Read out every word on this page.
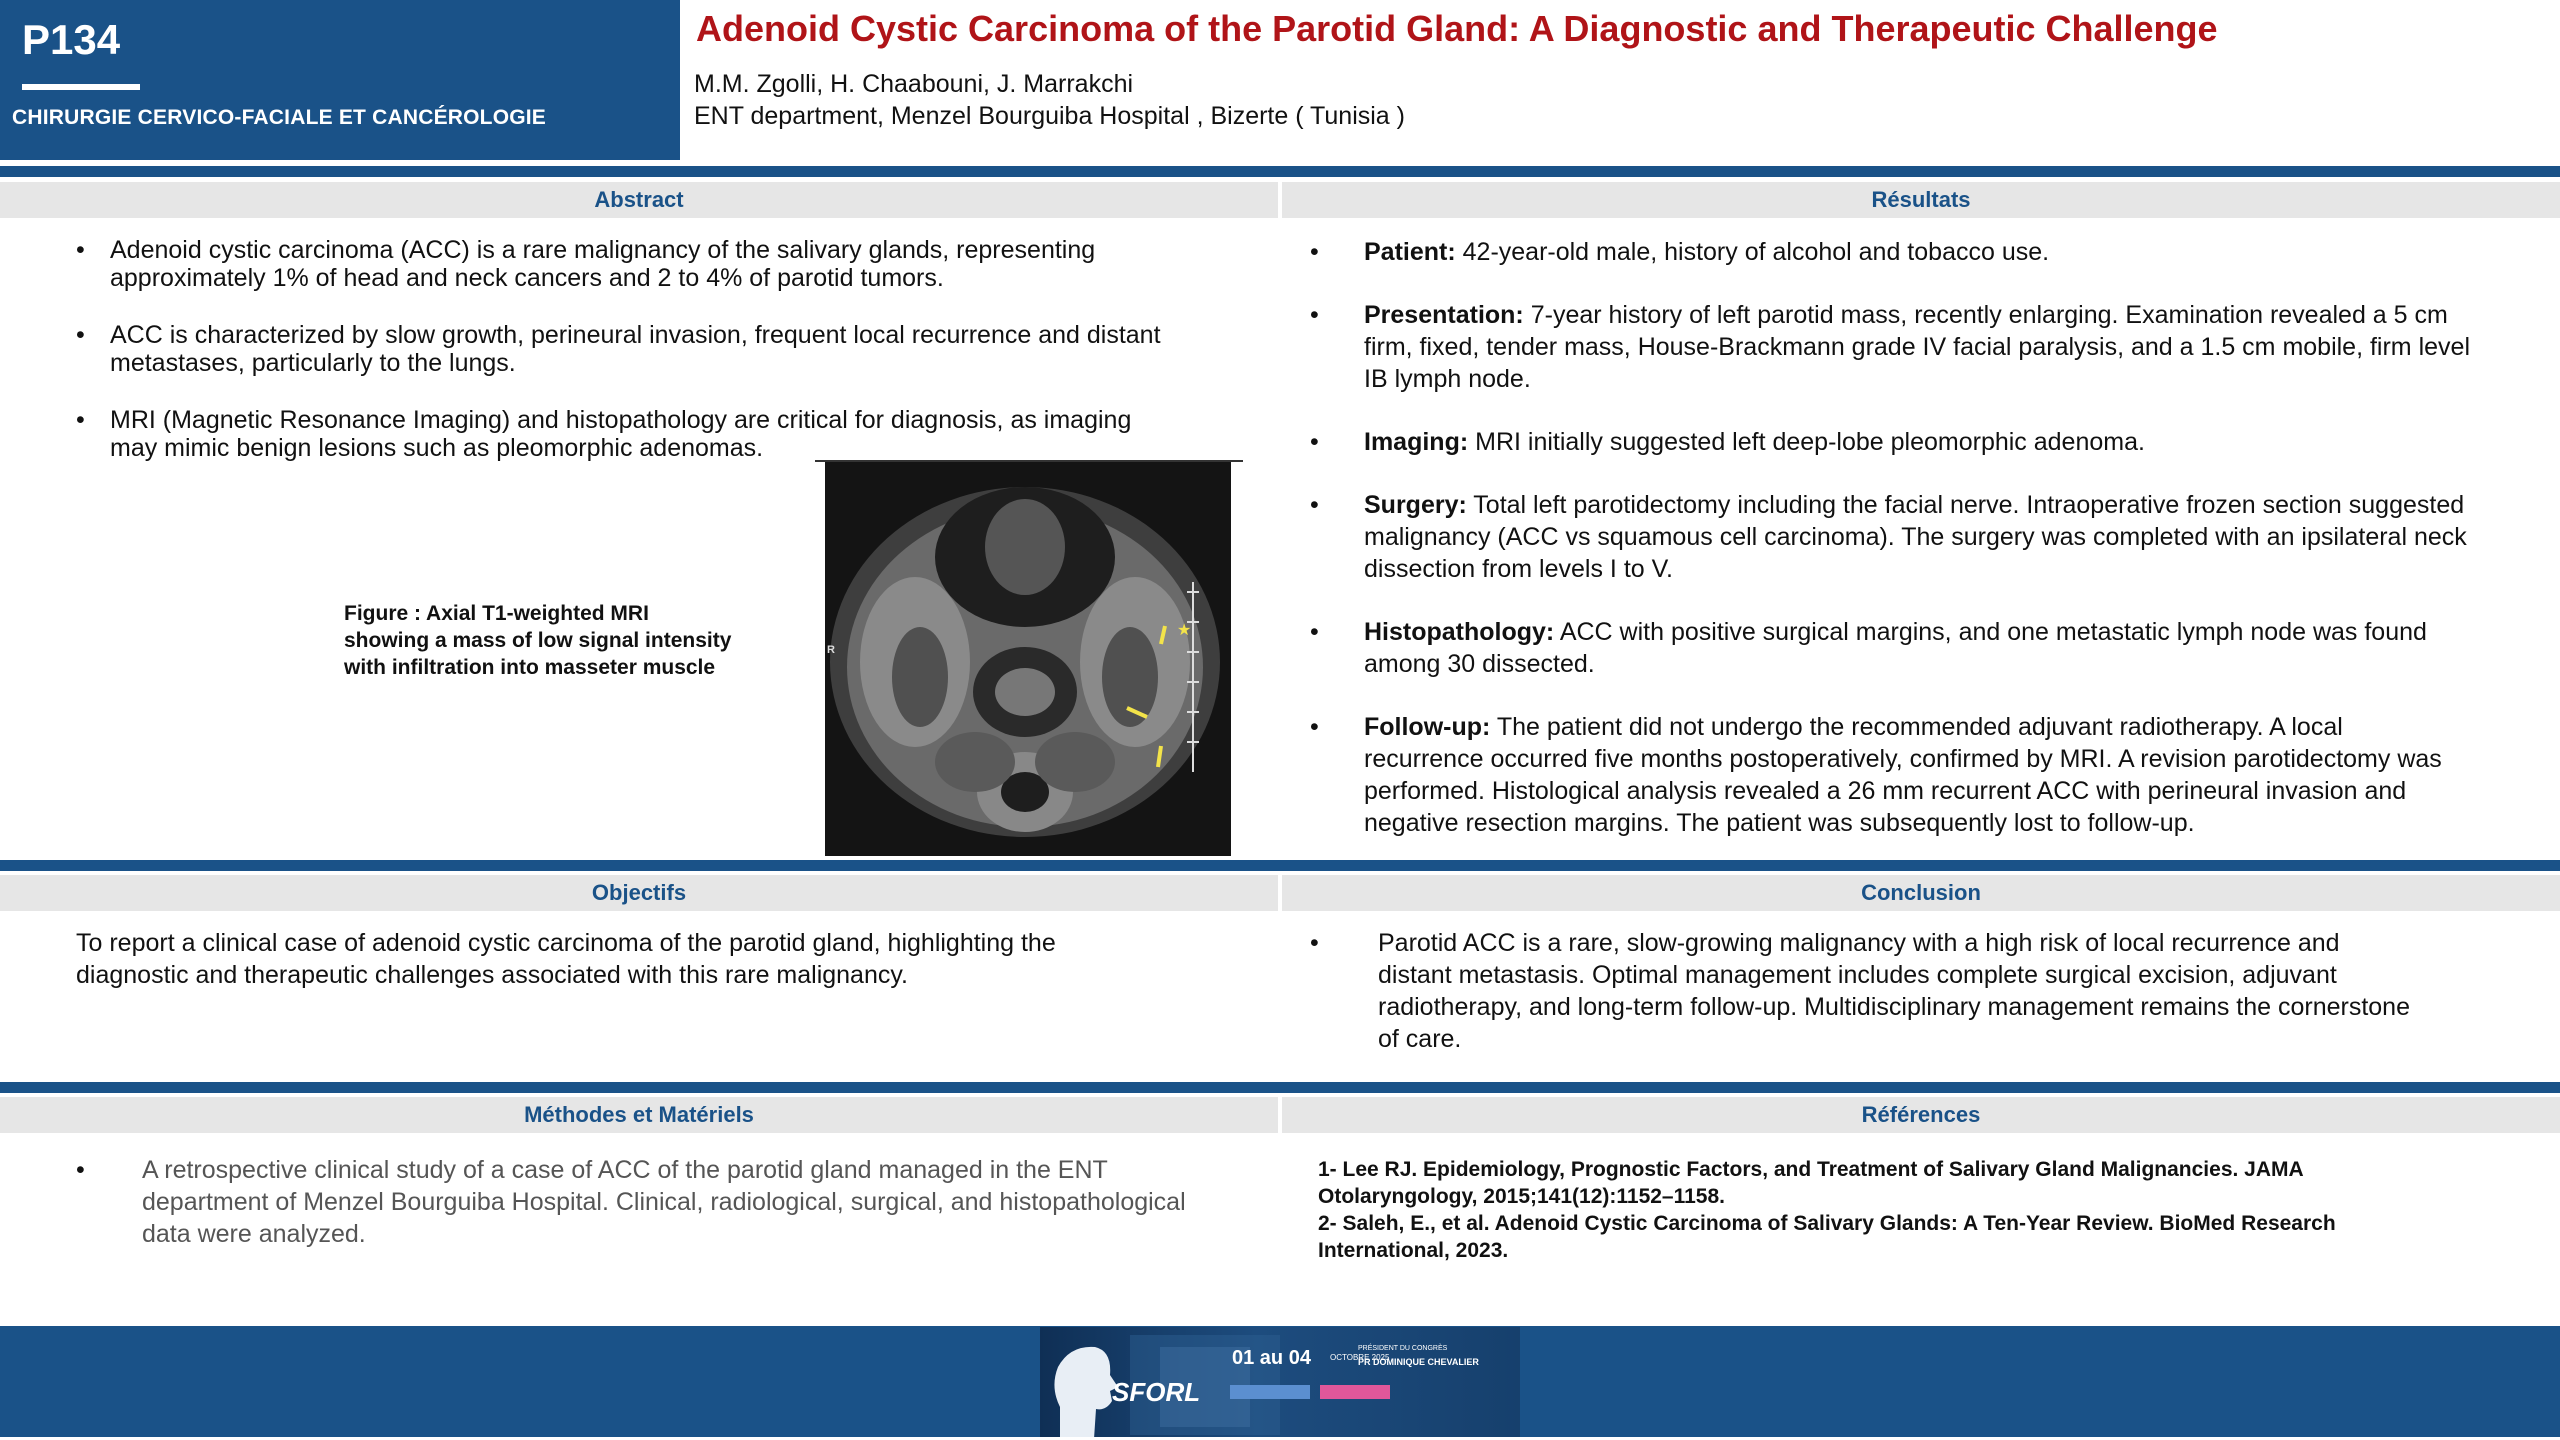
P134
CHIRURGIE CERVICO-FACIALE ET CANCÉROLOGIE
Adenoid Cystic Carcinoma of the Parotid Gland: A Diagnostic and Therapeutic Challenge
M.M. Zgolli, H. Chaabouni, J. Marrakchi
ENT department, Menzel Bourguiba Hospital , Bizerte ( Tunisia )
Abstract	Résultats
• Adenoid cystic carcinoma (ACC) is a rare malignancy of the salivary glands, representing
approximately 1% of head and neck cancers and 2 to 4% of parotid tumors.
• ACC is characterized by slow growth, perineural invasion, frequent local recurrence and distant
metastases, particularly to the lungs.
• MRI (Magnetic Resonance Imaging) and histopathology are critical for diagnosis, as imaging
may mimic benign lesions such as pleomorphic adenomas.
Figure : Axial T1-weighted MRI
showing a mass of low signal intensity
with infiltration into masseter muscle
★
R
•	Patient: 42-year-old male, history of alcohol and tobacco use.
•	Presentation: 7-year history of left parotid mass, recently enlarging. Examination revealed a 5 cm
firm, fixed, tender mass, House-Brackmann grade IV facial paralysis, and a 1.5 cm mobile, firm level
IB lymph node.
•	Imaging: MRI initially suggested left deep-lobe pleomorphic adenoma.
•	Surgery: Total left parotidectomy including the facial nerve. Intraoperative frozen section suggested
malignancy (ACC vs squamous cell carcinoma). The surgery was completed with an ipsilateral neck
dissection from levels I to V.
•	Histopathology: ACC with positive surgical margins, and one metastatic lymph node was found
among 30 dissected.
•	Follow-up: The patient did not undergo the recommended adjuvant radiotherapy. A local
recurrence occurred five months postoperatively, confirmed by MRI. A revision parotidectomy was
performed. Histological analysis revealed a 26 mm recurrent ACC with perineural invasion and
negative resection margins. The patient was subsequently lost to follow-up.
Objectifs	Conclusion
To report a clinical case of adenoid cystic carcinoma of the parotid gland, highlighting the
diagnostic and therapeutic challenges associated with this rare malignancy.
• Parotid ACC is a rare, slow-growing malignancy with a high risk of local recurrence and
distant metastasis. Optimal management includes complete surgical excision, adjuvant
radiotherapy, and long-term follow-up. Multidisciplinary management remains the cornerstone
of care.
Méthodes et Matériels	Références
• A retrospective clinical study of a case of ACC of the parotid gland managed in the ENT
department of Menzel Bourguiba Hospital. Clinical, radiological, surgical, and histopathological
data were analyzed.
1- Lee RJ. Epidemiology, Prognostic Factors, and Treatment of Salivary Gland Malignancies. JAMA
Otolaryngology, 2015;141(12):1152–1158.
2- Saleh, E., et al. Adenoid Cystic Carcinoma of Salivary Glands: A Ten-Year Review. BioMed Research
International, 2023.
SFORL
01 au 04 OCTOBRE 2025
PRÉSIDENT DU CONGRÈS
PR DOMINIQUE CHEVALIER
